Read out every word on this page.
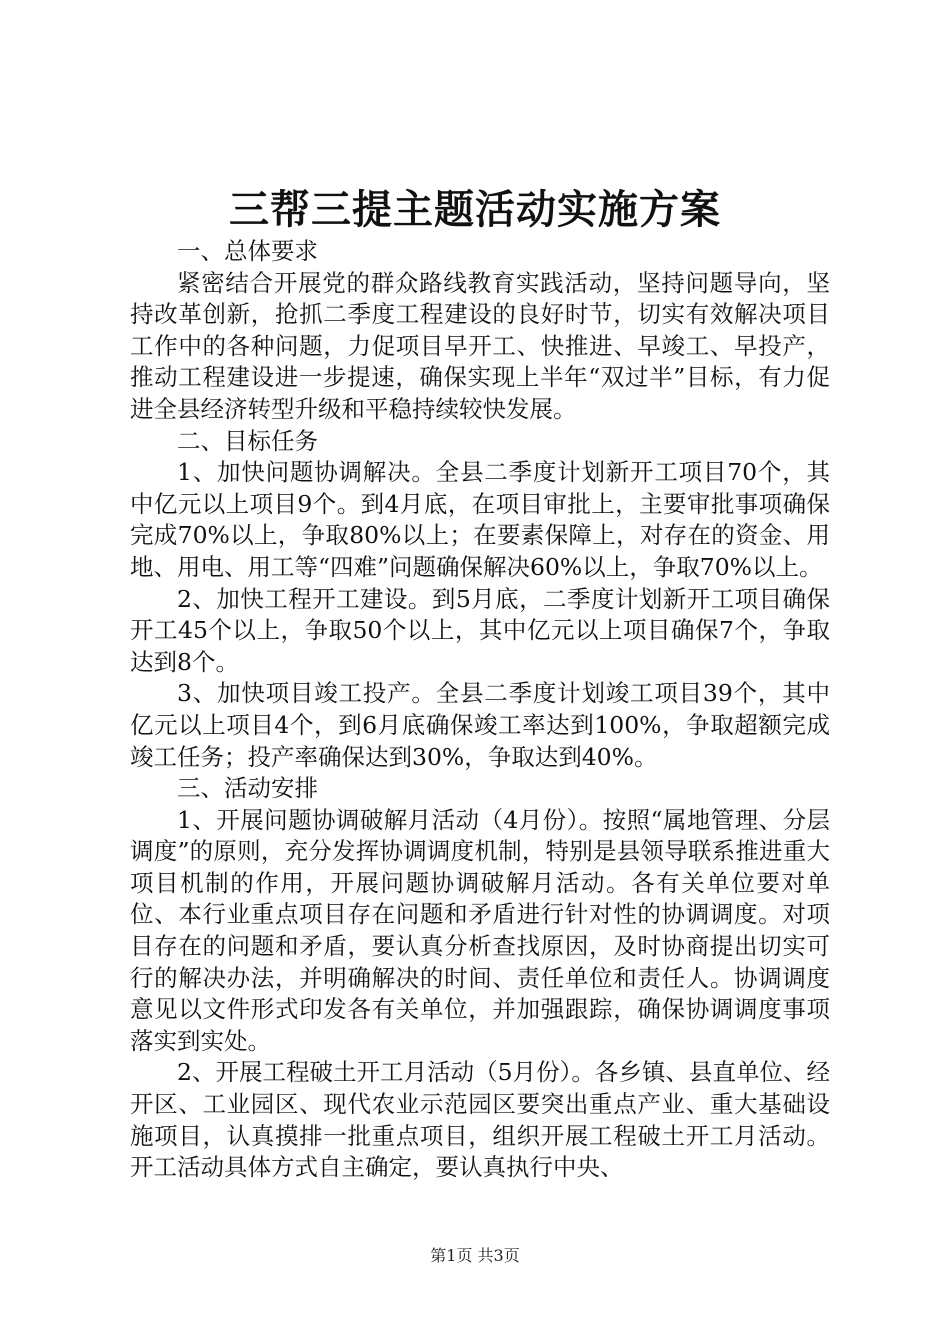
三帮三提主题活动实施方案

一、总体要求

紧密结合开展党的群众路线教育实践活动，坚持问题导向，坚持改革创新，抢抓二季度工程建设的良好时节，切实有效解决项目工作中的各种问题，力促项目早开工、快推进、早竣工、早投产，推动工程建设进一步提速，确保实现上半年“双过半”目标，有力促进全县经济转型升级和平稳持续较快发展。

二、目标任务

1、加快问题协调解决。全县二季度计划新开工项目70个，其中亿元以上项目9个。到4月底，在项目审批上，主要审批事项确保完成70%以上，争取80%以上；在要素保障上，对存在的资金、用地、用电、用工等“四难”问题确保解决60%以上，争取70%以上。

2、加快工程开工建设。到5月底，二季度计划新开工项目确保开工45个以上，争取50个以上，其中亿元以上项目确保7个，争取达到8个。

3、加快项目竣工投产。全县二季度计划竣工项目39个，其中亿元以上项目4个，到6月底确保竣工率达到100%，争取超额完成竣工任务；投产率确保达到30%，争取达到40%。

三、活动安排

1、开展问题协调破解月活动（4月份）。按照“属地管理、分层调度”的原则，充分发挥协调调度机制，特别是县领导联系推进重大项目机制的作用，开展问题协调破解月活动。各有关单位要对单位、本行业重点项目存在问题和矛盾进行针对性的协调调度。对项目存在的问题和矛盾，要认真分析查找原因，及时协商提出切实可行的解决办法，并明确解决的时间、责任单位和责任人。协调调度意见以文件形式印发各有关单位，并加强跟踪，确保协调调度事项落实到实处。

2、开展工程破土开工月活动（5月份）。各乡镇、县直单位、经开区、工业园区、现代农业示范园区要突出重点产业、重大基础设施项目，认真摸排一批重点项目，组织开展工程破土开工月活动。开工活动具体方式自主确定，要认真执行中央、

第1页 共3页
